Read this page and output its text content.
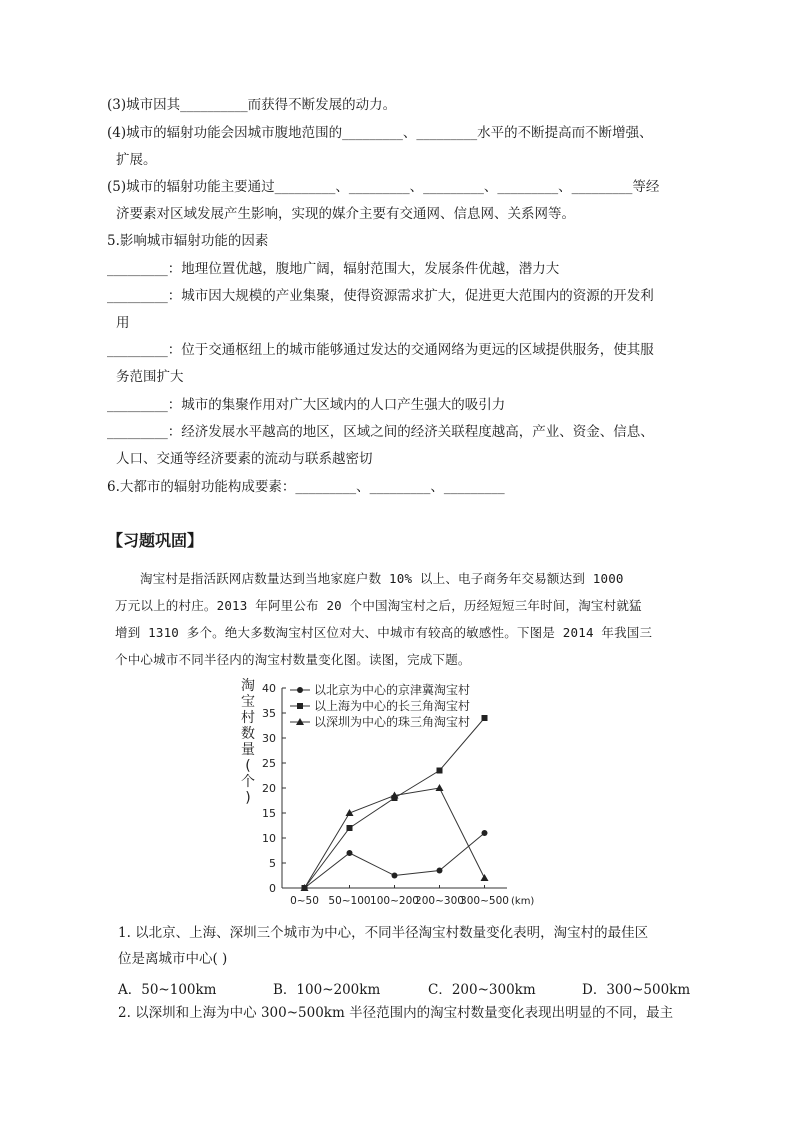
(3)城市因其__________而获得不断发展的动力。
(4)城市的辐射功能会因城市腹地范围的_________、_________水平的不断提高而不断增强、
扩展。
(5)城市的辐射功能主要通过_________、_________、_________、_________、_________等经
济要素对区域发展产生影响，实现的媒介主要有交通网、信息网、关系网等。
5.影响城市辐射功能的因素
_________：地理位置优越，腹地广阔，辐射范围大，发展条件优越，潜力大
_________：城市因大规模的产业集聚，使得资源需求扩大，促进更大范围内的资源的开发利
用
_________：位于交通枢纽上的城市能够通过发达的交通网络为更远的区域提供服务，使其服
务范围扩大
_________：城市的集聚作用对广大区域内的人口产生强大的吸引力
_________：经济发展水平越高的地区，区域之间的经济关联程度越高，产业、资金、信息、
人口、交通等经济要素的流动与联系越密切
6.大都市的辐射功能构成要素：_________、_________、_________
【习题巩固】
淘宝村是指活跃网店数量达到当地家庭户数 10% 以上、电子商务年交易额达到 1000
万元以上的村庄。2013 年阿里公布 20 个中国淘宝村之后，历经短短三年时间，淘宝村就猛
增到 1310 多个。绝大多数淘宝村区位对大、中城市有较高的敏感性。下图是 2014 年我国三
个中心城市不同半径内的淘宝村数量变化图。读图，完成下题。
淘
宝
村
数
量
(
个
)
0
5
10
15
20
25
30
35
40
0~50 50~100 100~200
200~300
300~500 (km)
以北京为中心的京津冀淘宝村
以上海为中心的长三角淘宝村
以深圳为中心的珠三角淘宝村
1. 以北京、上海、深圳三个城市为中心，不同半径淘宝村数量变化表明，淘宝村的最佳区
位是离城市中心( )
A．50~100km	B．100~200km	C．200~300km	D．300~500km
2. 以深圳和上海为中心 300~500km 半径范围内的淘宝村数量变化表现出明显的不同，最主
